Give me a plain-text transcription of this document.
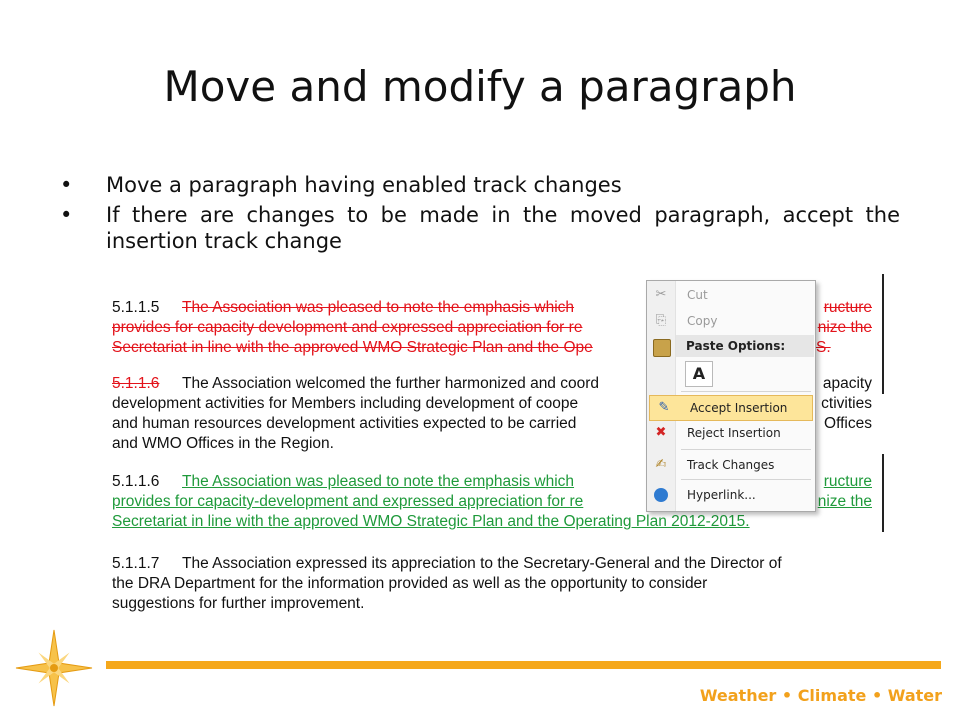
Move and modify a paragraph
• Move a paragraph having enabled track changes
• If there are changes to be made in the moved paragraph, accept the insertion track change
5.1.1.5 The Association was pleased to note the emphasis which	ructure
provides for capacity development and expressed appreciation for re	nize the
Secretariat in line with the approved WMO Strategic Plan and the Ope	S.
5.1.1.6 The Association welcomed the further harmonized and coord	apacity
development activities for Members including development of coope	ctivities
and human resources development activities expected to be carried	Offices
and WMO Offices in the Region.
5.1.1.6 The Association was pleased to note the emphasis which	ructure
provides for capacity-development and expressed appreciation for re	nize the
Secretariat in line with the approved WMO Strategic Plan and the Operating Plan 2012-2015.
5.1.1.7 The Association expressed its appreciation to the Secretary-General and the Director of
the DRA Department for the information provided as well as the opportunity to consider
suggestions for further improvement.
✂ Cut
⎘ Copy
Paste Options:
A
✎ Accept Insertion
✖ Reject Insertion
✍ Track Changes
Hyperlink...
Weather • Climate • Water
